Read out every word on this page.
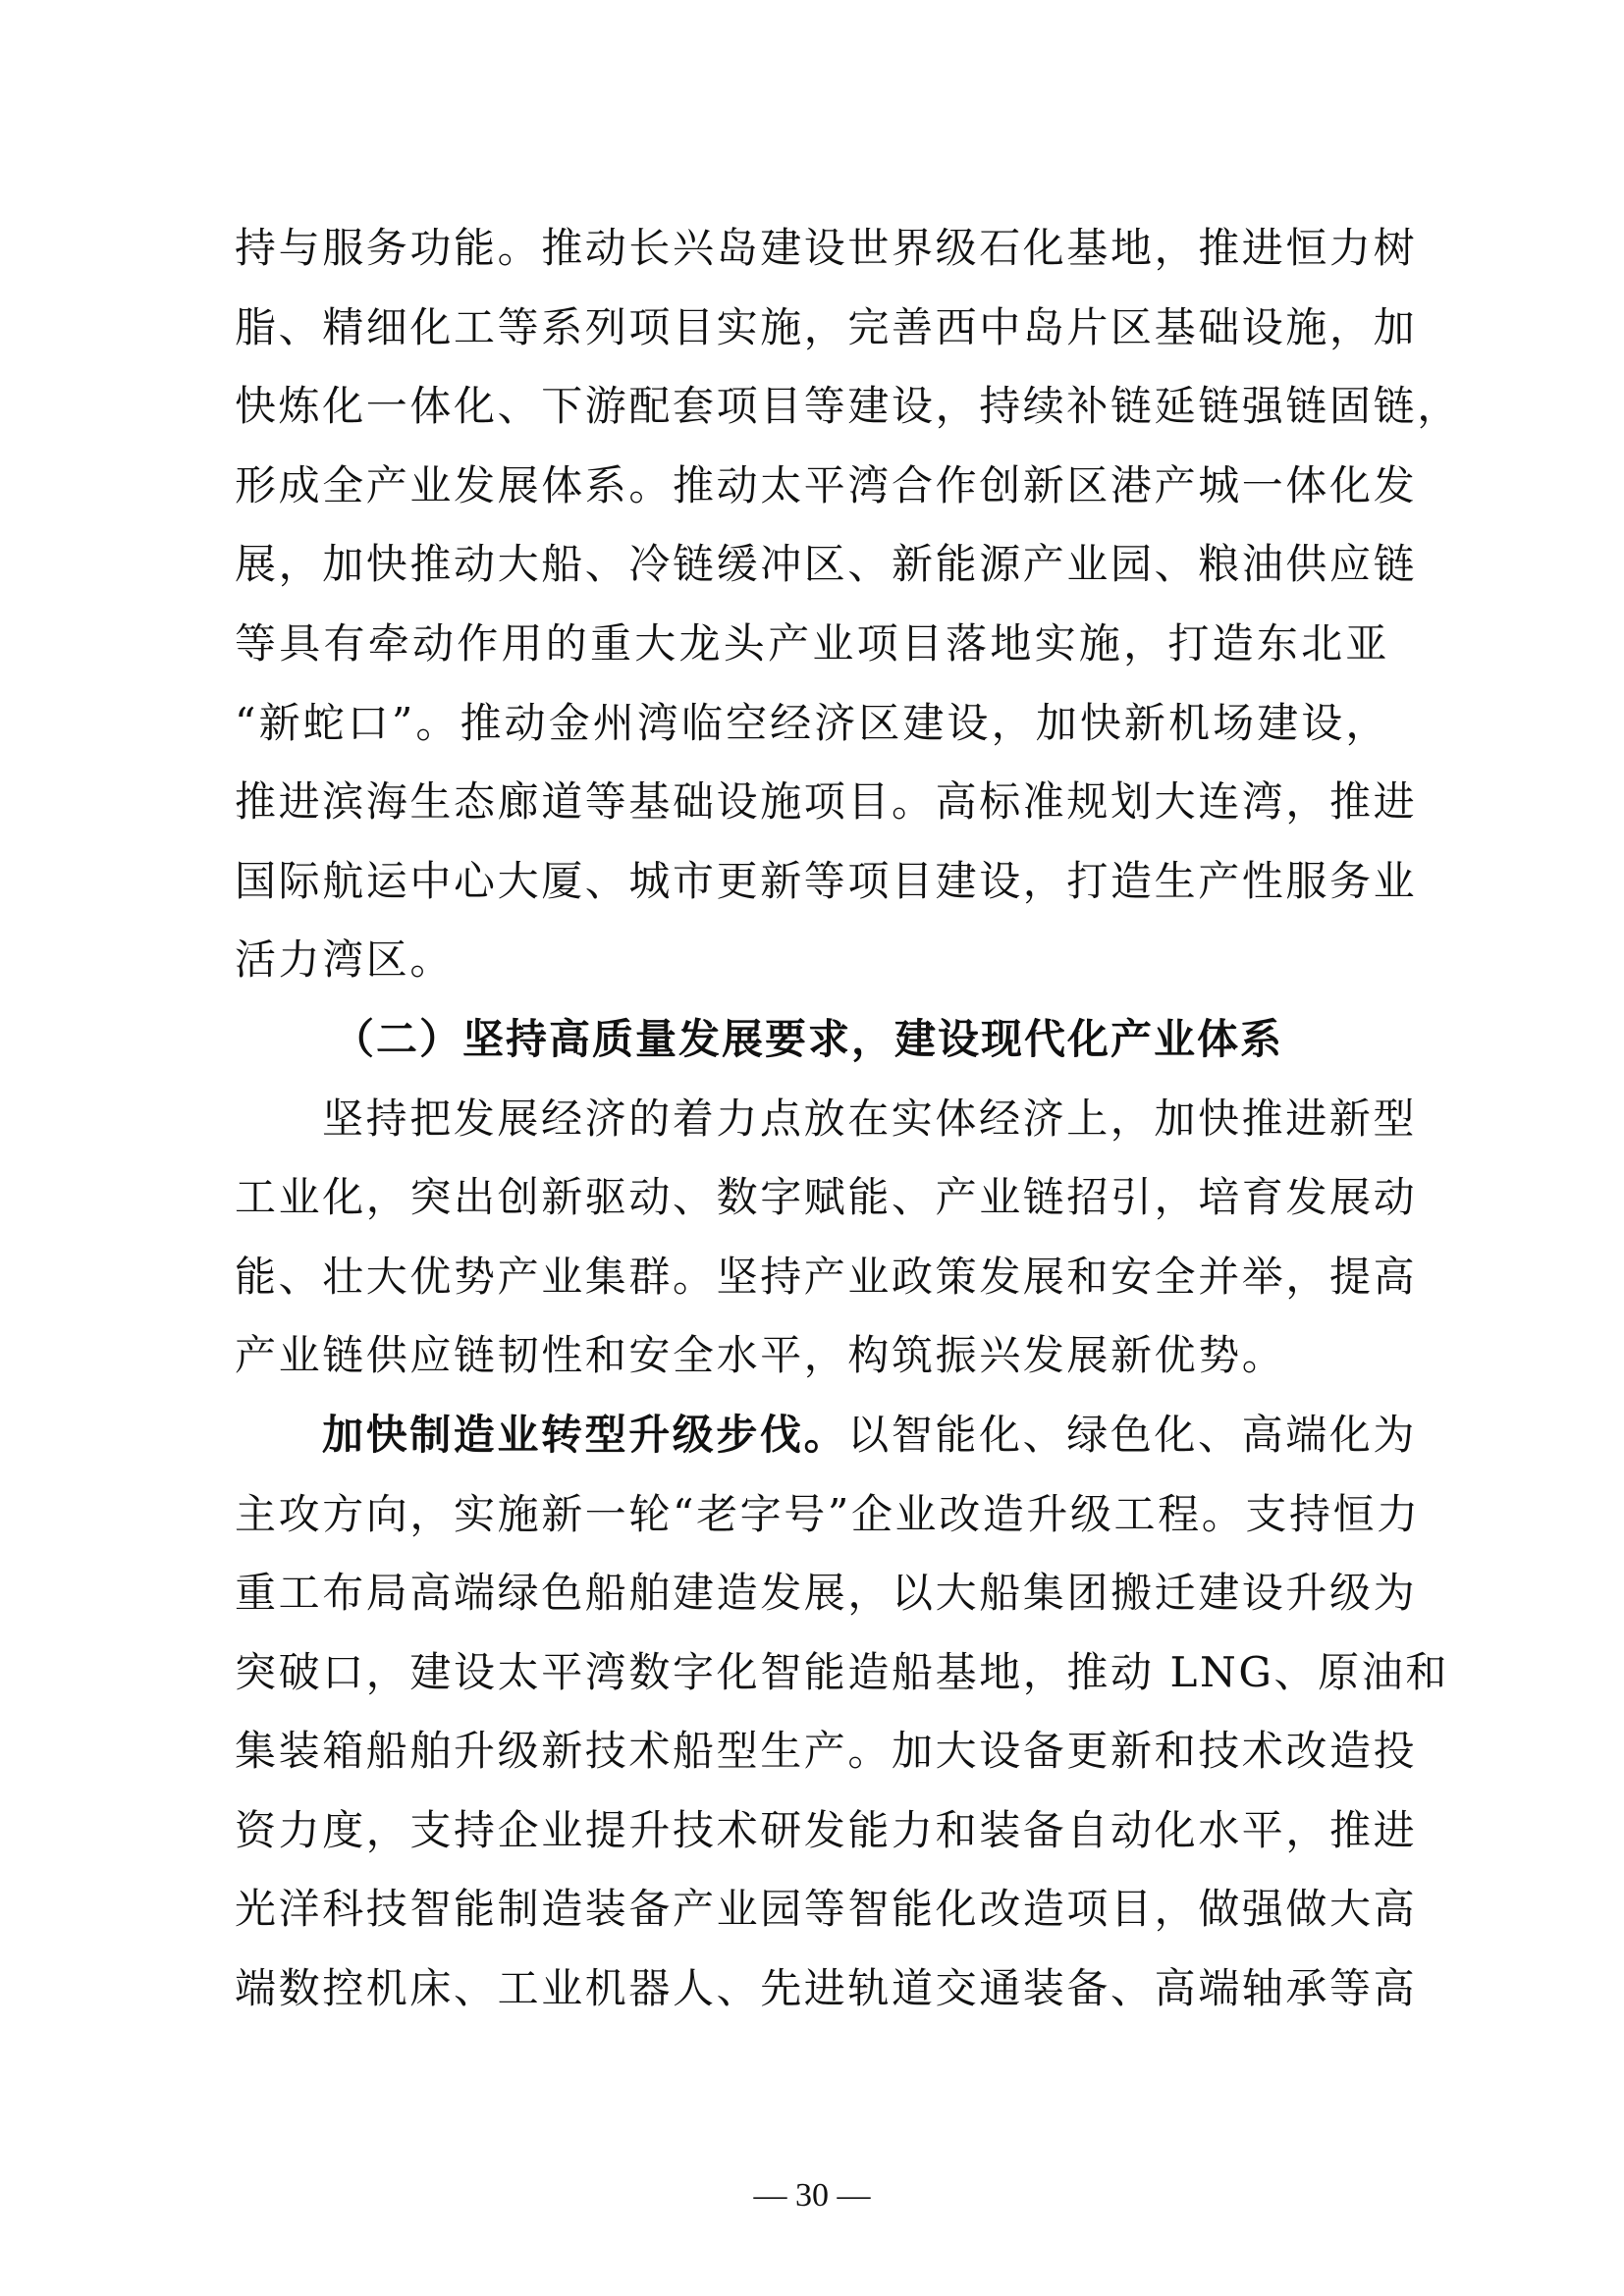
持与服务功能。推动长兴岛建设世界级石化基地，推进恒力树
脂、精细化工等系列项目实施，完善西中岛片区基础设施，加
快炼化一体化、下游配套项目等建设，持续补链延链强链固链，
形成全产业发展体系。推动太平湾合作创新区港产城一体化发
展，加快推动大船、冷链缓冲区、新能源产业园、粮油供应链
等具有牵动作用的重大龙头产业项目落地实施，打造东北亚
“新蛇口”。推动金州湾临空经济区建设，加快新机场建设，
推进滨海生态廊道等基础设施项目。高标准规划大连湾，推进
国际航运中心大厦、城市更新等项目建设，打造生产性服务业
活力湾区。
（二）坚持高质量发展要求，建设现代化产业体系
坚持把发展经济的着力点放在实体经济上，加快推进新型
工业化，突出创新驱动、数字赋能、产业链招引，培育发展动
能、壮大优势产业集群。坚持产业政策发展和安全并举，提高
产业链供应链韧性和安全水平，构筑振兴发展新优势。
加快制造业转型升级步伐。以智能化、绿色化、高端化为
主攻方向，实施新一轮“老字号”企业改造升级工程。支持恒力
重工布局高端绿色船舶建造发展，以大船集团搬迁建设升级为
突破口，建设太平湾数字化智能造船基地，推动 LNG、原油和
集装箱船舶升级新技术船型生产。加大设备更新和技术改造投
资力度，支持企业提升技术研发能力和装备自动化水平，推进
光洋科技智能制造装备产业园等智能化改造项目，做强做大高
端数控机床、工业机器人、先进轨道交通装备、高端轴承等高
— 30 —
